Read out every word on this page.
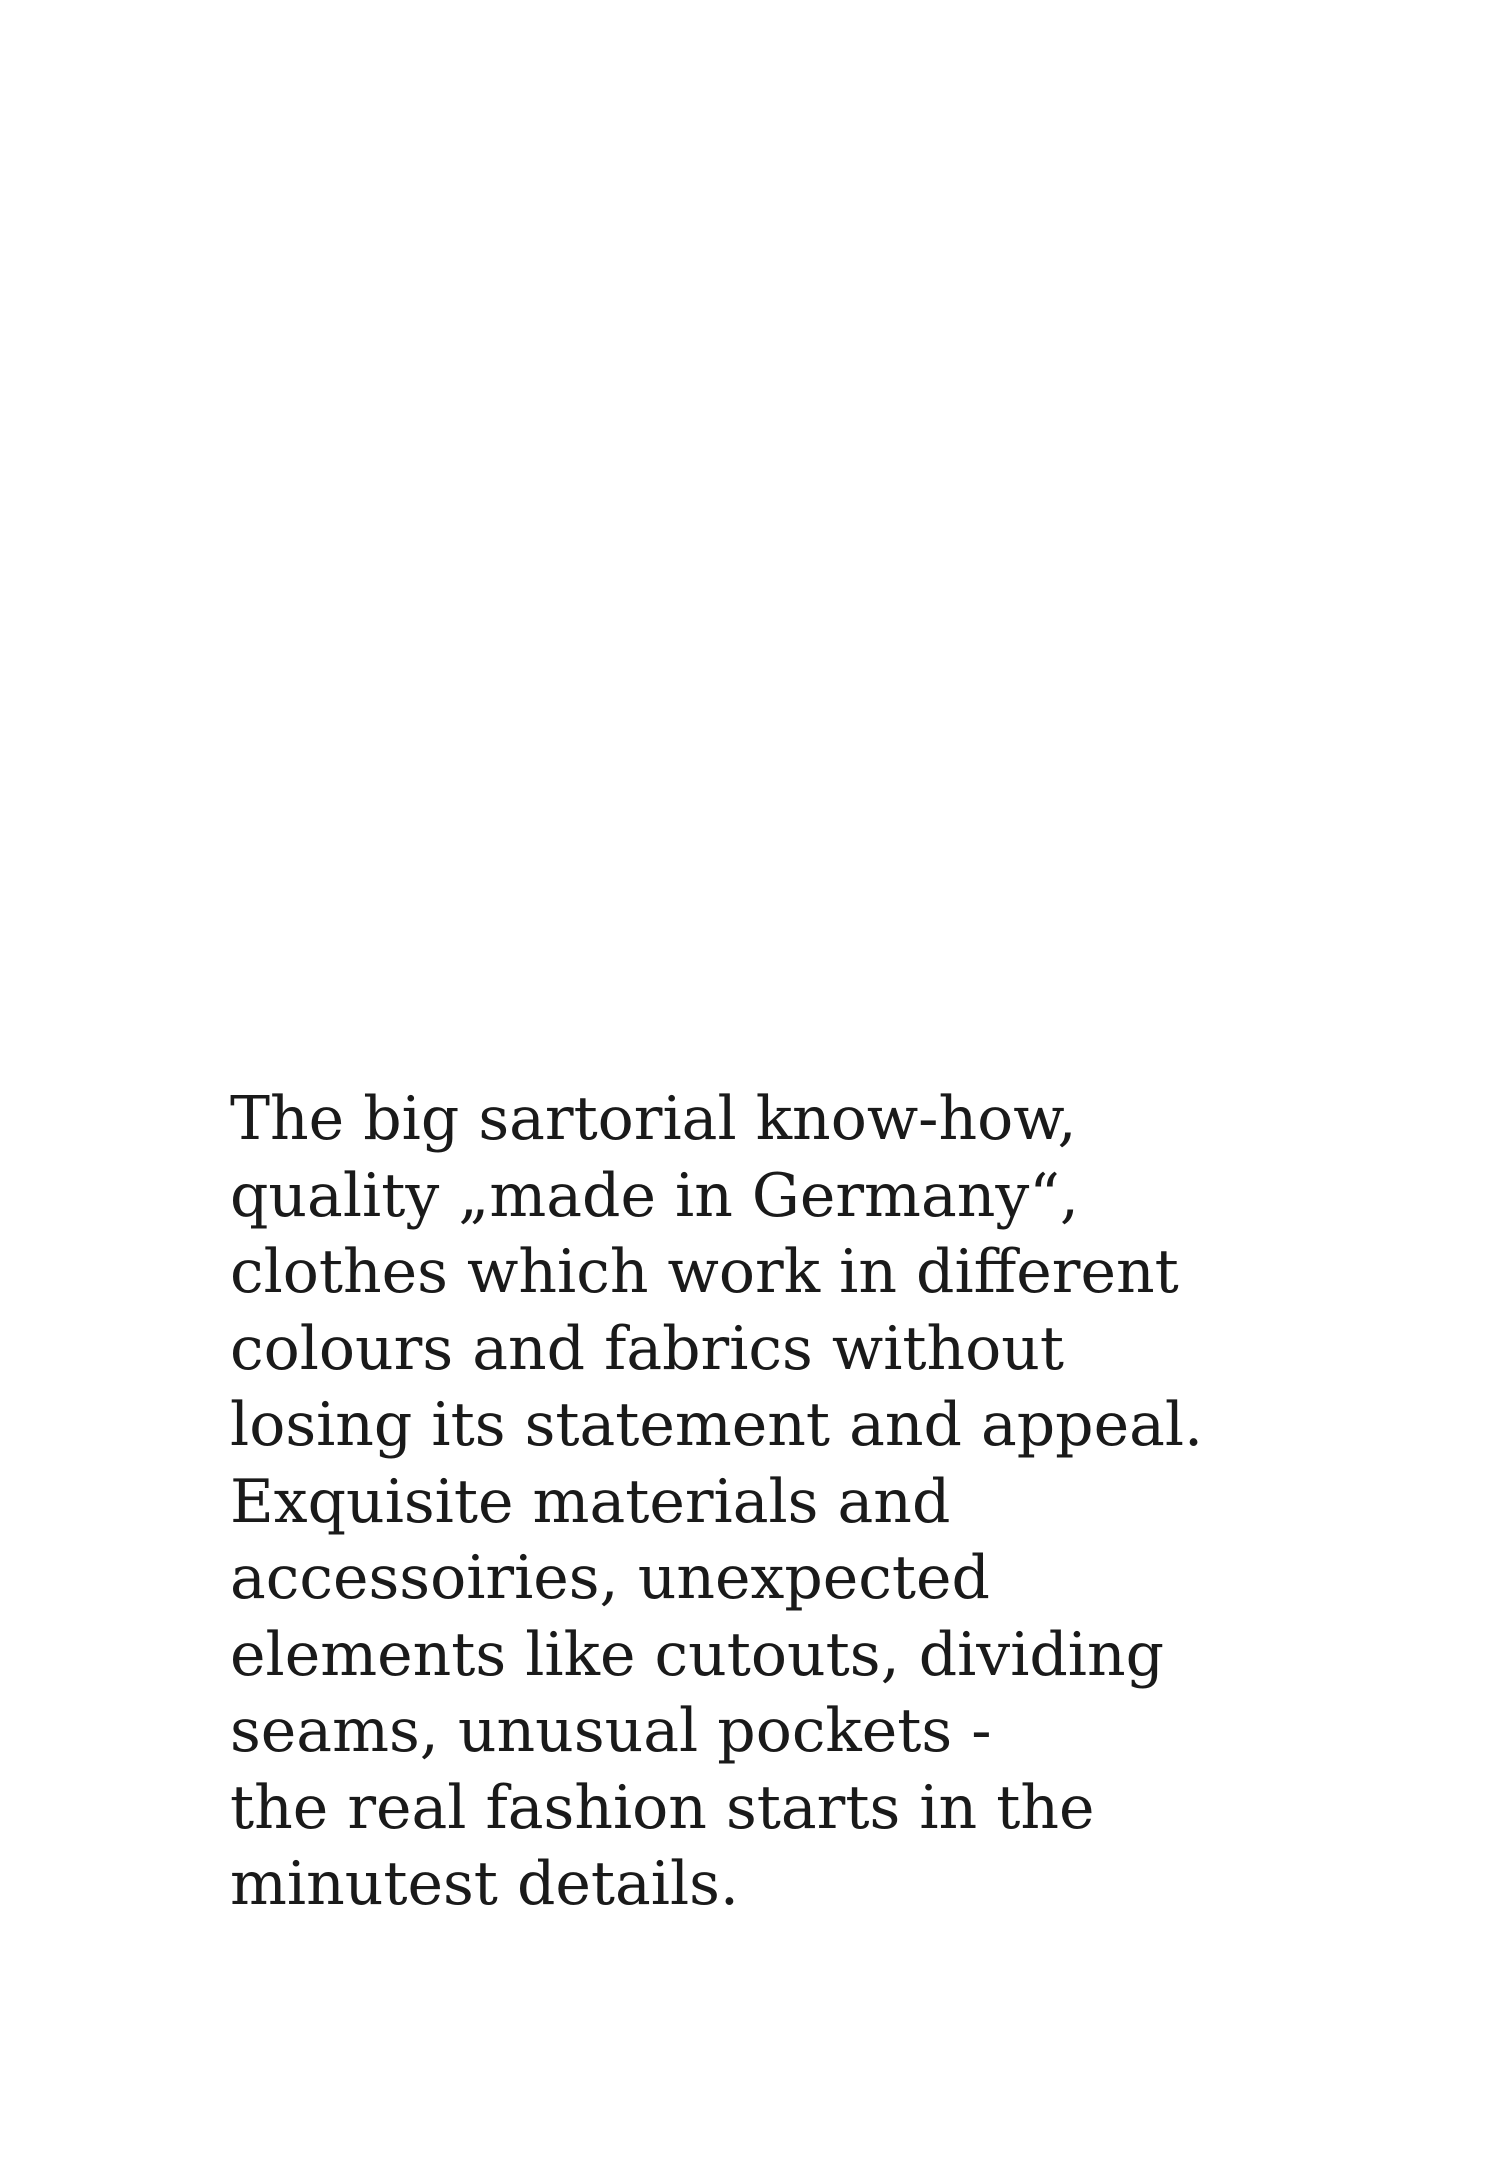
The big sartorial know-how,
quality „made in Germany“,
clothes which work in different
colours and fabrics without
losing its statement and appeal.
Exquisite materials and
accessoiries, unexpected
elements like cutouts, dividing
seams, unusual pockets -
the real fashion starts in the
minutest details.
